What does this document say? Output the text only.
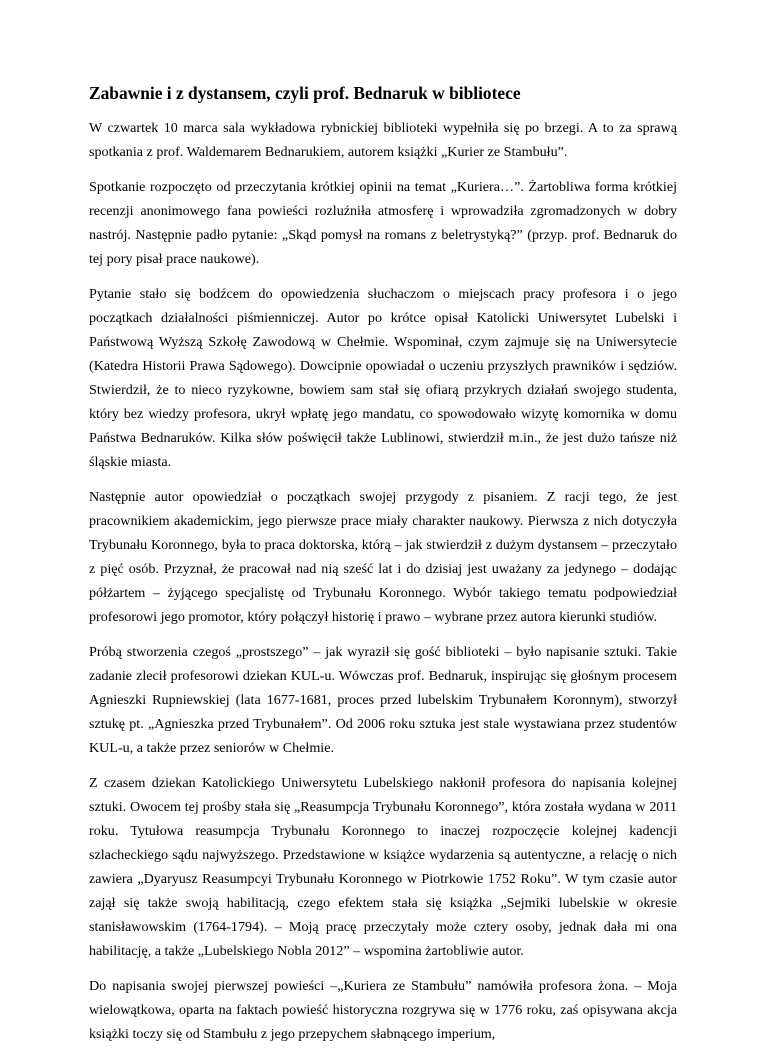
Zabawnie i z dystansem, czyli prof. Bednaruk w bibliotece

W czwartek 10 marca sala wykładowa rybnickiej biblioteki wypełniła się po brzegi. A to za sprawą spotkania z prof. Waldemarem Bednarukiem, autorem książki „Kurier ze Stambułu”.

Spotkanie rozpoczęto od przeczytania krótkiej opinii na temat „Kuriera…”. Żartobliwa forma krótkiej recenzji anonimowego fana powieści rozluźniła atmosferę i wprowadziła zgromadzonych w dobry nastrój. Następnie padło pytanie: „Skąd pomysł na romans z beletrystyką?” (przyp. prof. Bednaruk do tej pory pisał prace naukowe).

Pytanie stało się bodźcem do opowiedzenia słuchaczom o miejscach pracy profesora i o jego początkach działalności piśmienniczej. Autor po krótce opisał Katolicki Uniwersytet Lubelski i Państwową Wyższą Szkołę Zawodową w Chełmie. Wspominał, czym zajmuje się na Uniwersytecie (Katedra Historii Prawa Sądowego). Dowcipnie opowiadał o uczeniu przyszłych prawników i sędziów. Stwierdził, że to nieco ryzykowne, bowiem sam stał się ofiarą przykrych działań swojego studenta, który bez wiedzy profesora, ukrył wpłatę jego mandatu, co spowodowało wizytę komornika w domu Państwa Bednaruków. Kilka słów poświęcił także Lublinowi, stwierdził m.in., że jest dużo tańsze niż śląskie miasta.

Następnie autor opowiedział o początkach swojej przygody z pisaniem. Z racji tego, że jest pracownikiem akademickim, jego pierwsze prace miały charakter naukowy. Pierwsza z nich dotyczyła Trybunału Koronnego, była to praca doktorska, którą – jak stwierdził z dużym dystansem – przeczytało z pięć osób. Przyznał, że pracował nad nią sześć lat i do dzisiaj jest uważany za jedynego – dodając półżartem – żyjącego specjalistę od Trybunału Koronnego. Wybór takiego tematu podpowiedział profesorowi jego promotor, który połączył historię i prawo – wybrane przez autora kierunki studiów.

Próbą stworzenia czegoś „prostszego” – jak wyraził się gość biblioteki – było napisanie sztuki. Takie zadanie zlecił profesorowi dziekan KUL-u. Wówczas prof. Bednaruk, inspirując się głośnym procesem Agnieszki Rupniewskiej (lata 1677-1681, proces przed lubelskim Trybunałem Koronnym), stworzył sztukę pt. „Agnieszka przed Trybunałem”. Od 2006 roku sztuka jest stale wystawiana przez studentów KUL-u, a także przez seniorów w Chełmie.

Z czasem dziekan Katolickiego Uniwersytetu Lubelskiego nakłonił profesora do napisania kolejnej sztuki. Owocem tej prośby stała się „Reasumpcja Trybunału Koronnego”, która została wydana w 2011 roku. Tytułowa reasumpcja Trybunału Koronnego to inaczej rozpoczęcie kolejnej kadencji szlacheckiego sądu najwyższego. Przedstawione w książce wydarzenia są autentyczne, a relację o nich zawiera „Dyaryusz Reasumpcyi Trybunału Koronnego w Piotrkowie 1752 Roku”. W tym czasie autor zajął się także swoją habilitacją, czego efektem stała się książka „Sejmiki lubelskie w okresie stanisławowskim (1764-1794). – Moją pracę przeczytały może cztery osoby, jednak dała mi ona habilitację, a także „Lubelskiego Nobla 2012” – wspomina żartobliwie autor.

Do napisania swojej pierwszej powieści –„Kuriera ze Stambułu” namówiła profesora żona. – Moja wielowątkowa, oparta na faktach powieść historyczna rozgrywa się w 1776 roku, zaś opisywana akcja książki toczy się od Stambułu z jego przepychem słabnącego imperium,
